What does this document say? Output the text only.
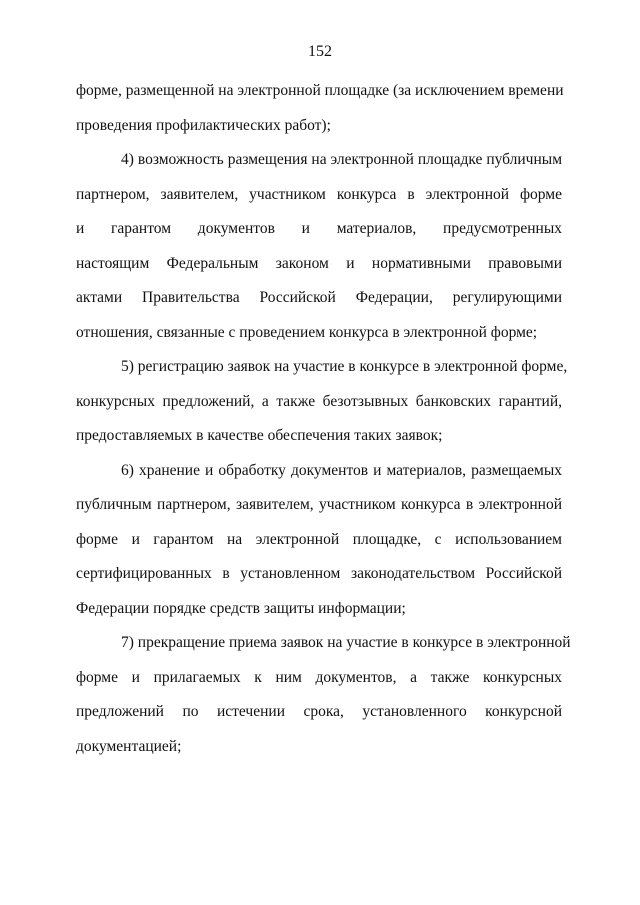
152
форме, размещенной на электронной площадке (за исключением времени
проведения профилактических работ);
4) возможность размещения на электронной площадке публичным
партнером, заявителем, участником конкурса в электронной форме
и гарантом документов и материалов, предусмотренных
настоящим Федеральным законом и нормативными правовыми
актами Правительства Российской Федерации, регулирующими
отношения, связанные с проведением конкурса в электронной форме;
5) регистрацию заявок на участие в конкурсе в электронной форме,
конкурсных предложений, а также безотзывных банковских гарантий,
предоставляемых в качестве обеспечения таких заявок;
6) хранение и обработку документов и материалов, размещаемых
публичным партнером, заявителем, участником конкурса в электронной
форме и гарантом на электронной площадке, с использованием
сертифицированных в установленном законодательством Российской
Федерации порядке средств защиты информации;
7) прекращение приема заявок на участие в конкурсе в электронной
форме и прилагаемых к ним документов, а также конкурсных
предложений по истечении срока, установленного конкурсной
документацией;
